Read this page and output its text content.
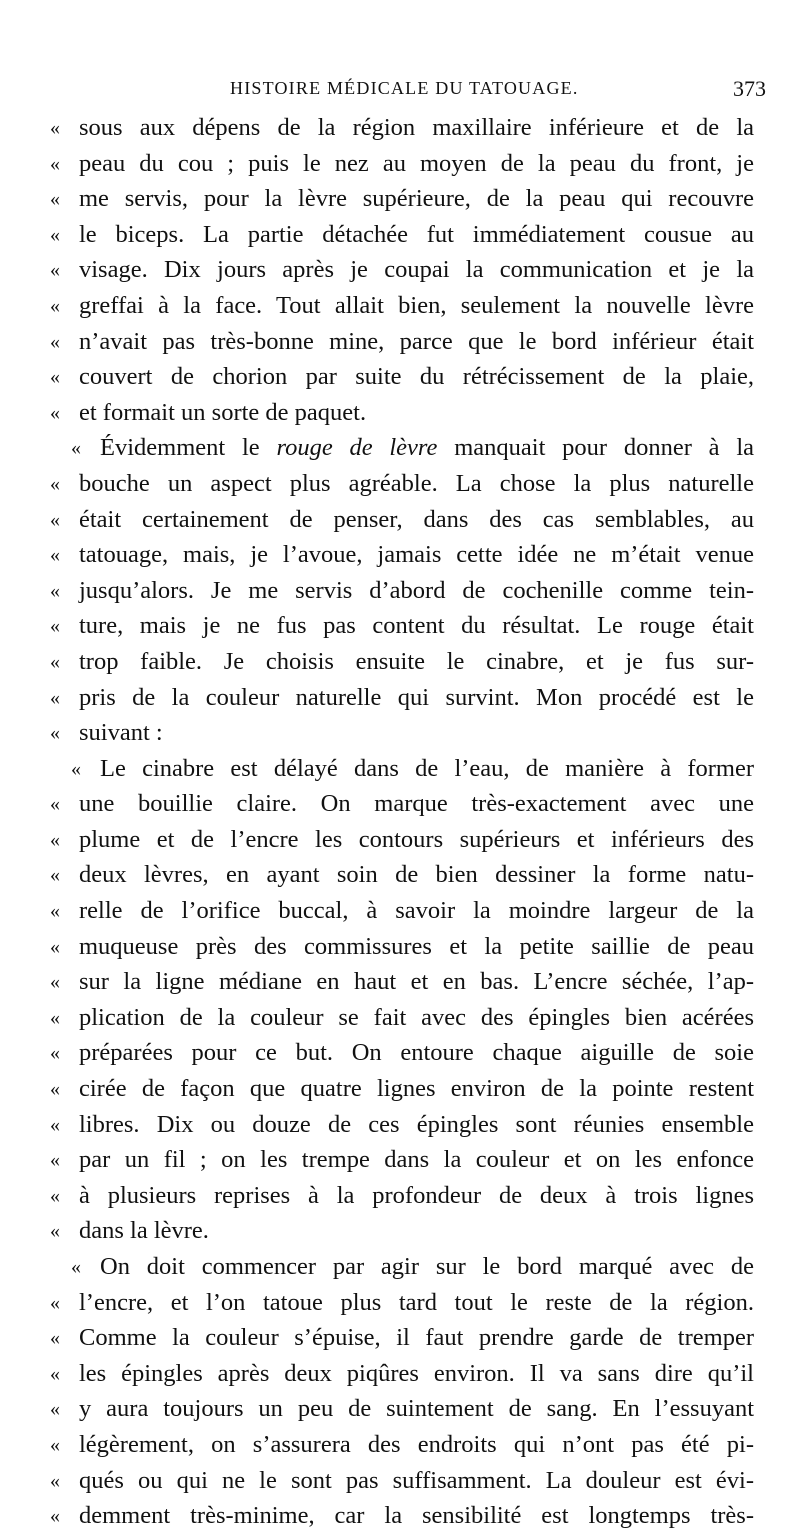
HISTOIRE MÉDICALE DU TATOUAGE.	373
« sous aux dépens de la région maxillaire inférieure et de la
« peau du cou ; puis le nez au moyen de la peau du front, je
« me servis, pour la lèvre supérieure, de la peau qui recouvre
« le biceps. La partie détachée fut immédiatement cousue au
« visage. Dix jours après je coupai la communication et je la
« greffai à la face. Tout allait bien, seulement la nouvelle lèvre
« n’avait pas très-bonne mine, parce que le bord inférieur était
« couvert de chorion par suite du rétrécissement de la plaie,
« et formait un sorte de paquet.
« Évidemment le rouge de lèvre manquait pour donner à la
« bouche un aspect plus agréable. La chose la plus naturelle
« était certainement de penser, dans des cas semblables, au
« tatouage, mais, je l’avoue, jamais cette idée ne m’était venue
« jusqu’alors. Je me servis d’abord de cochenille comme tein-
« ture, mais je ne fus pas content du résultat. Le rouge était
« trop faible. Je choisis ensuite le cinabre, et je fus sur-
« pris de la couleur naturelle qui survint. Mon procédé est le
« suivant :
« Le cinabre est délayé dans de l’eau, de manière à former
« une bouillie claire. On marque très-exactement avec une
« plume et de l’encre les contours supérieurs et inférieurs des
« deux lèvres, en ayant soin de bien dessiner la forme natu-
« relle de l’orifice buccal, à savoir la moindre largeur de la
« muqueuse près des commissures et la petite saillie de peau
« sur la ligne médiane en haut et en bas. L’encre séchée, l’ap-
« plication de la couleur se fait avec des épingles bien acérées
« préparées pour ce but. On entoure chaque aiguille de soie
« cirée de façon que quatre lignes environ de la pointe restent
« libres. Dix ou douze de ces épingles sont réunies ensemble
« par un fil ; on les trempe dans la couleur et on les enfonce
« à plusieurs reprises à la profondeur de deux à trois lignes
« dans la lèvre.
« On doit commencer par agir sur le bord marqué avec de
« l’encre, et l’on tatoue plus tard tout le reste de la région.
« Comme la couleur s’épuise, il faut prendre garde de tremper
« les épingles après deux piqûres environ. Il va sans dire qu’il
« y aura toujours un peu de suintement de sang. En l’essuyant
« légèrement, on s’assurera des endroits qui n’ont pas été pi-
« qués ou qui ne le sont pas suffisamment. La douleur est évi-
« demment très-minime, car la sensibilité est longtemps très-
